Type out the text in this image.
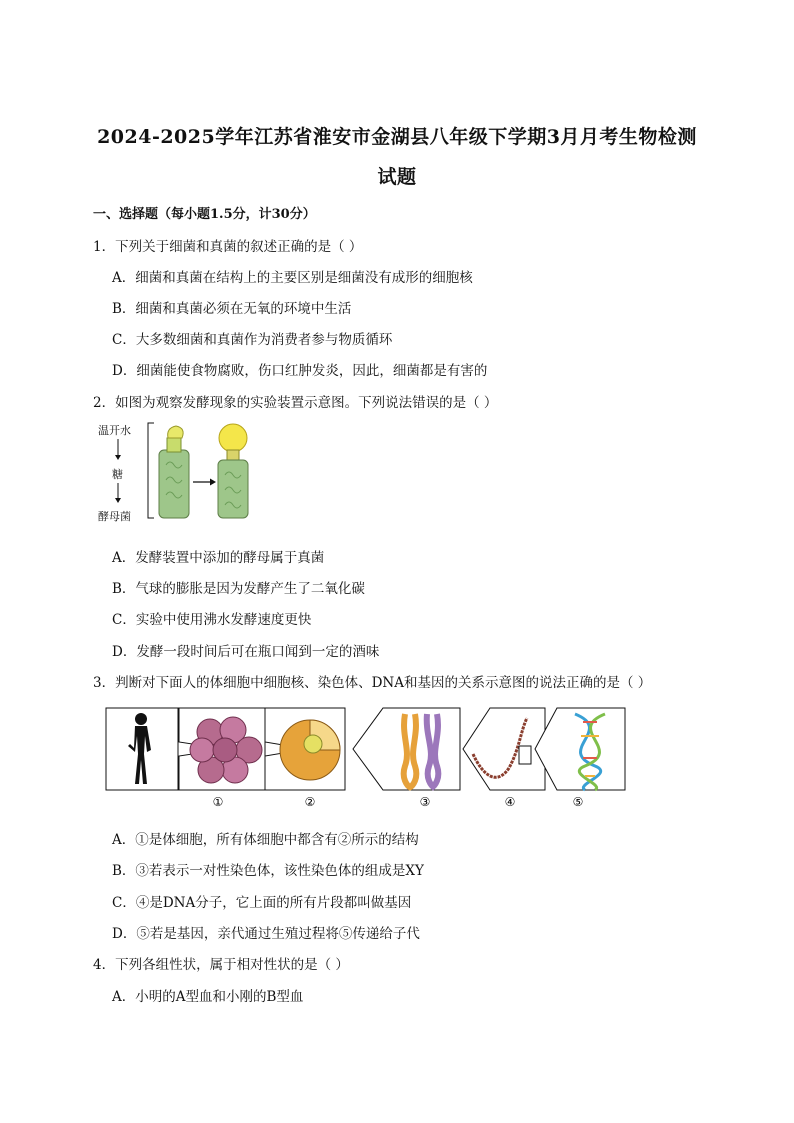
2024-2025学年江苏省淮安市金湖县八年级下学期3月月考生物检测
试题
一、选择题（每小题1.5分，计30分）
1．下列关于细菌和真菌的叙述正确的是（ ）
A．细菌和真菌在结构上的主要区别是细菌没有成形的细胞核
B．细菌和真菌必须在无氧的环境中生活
C．大多数细菌和真菌作为消费者参与物质循环
D．细菌能使食物腐败，伤口红肿发炎，因此，细菌都是有害的
2．如图为观察发酵现象的实验装置示意图。下列说法错误的是（ ）
温开水
糖
酵母菌
A．发酵装置中添加的酵母属于真菌
B．气球的膨胀是因为发酵产生了二氧化碳
C．实验中使用沸水发酵速度更快
D．发酵一段时间后可在瓶口闻到一定的酒味
3．判断对下面人的体细胞中细胞核、染色体、DNA和基因的关系示意图的说法正确的是（ ）
①	②	③	④	⑤
A．①是体细胞，所有体细胞中都含有②所示的结构
B．③若表示一对性染色体，该性染色体的组成是XY
C．④是DNA分子，它上面的所有片段都叫做基因
D．⑤若是基因，亲代通过生殖过程将⑤传递给子代
4．下列各组性状，属于相对性状的是（ ）
A．小明的A型血和小刚的B型血
